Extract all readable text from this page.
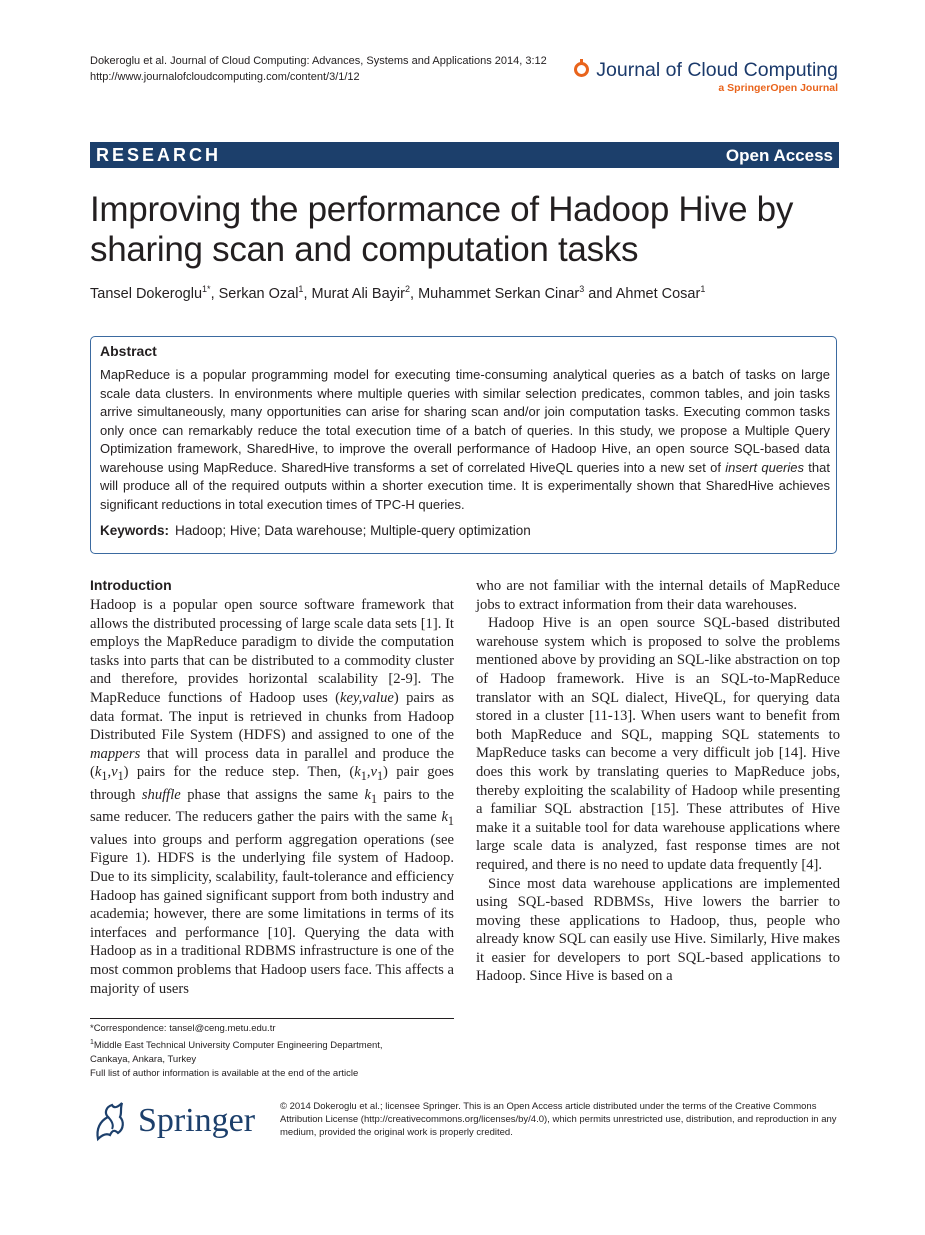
Dokeroglu et al. Journal of Cloud Computing: Advances, Systems and Applications 2014, 3:12
http://www.journalofcloudcomputing.com/content/3/1/12	Journal of Cloud Computing
a SpringerOpen Journal
RESEARCH	Open Access
Improving the performance of Hadoop Hive by sharing scan and computation tasks
Tansel Dokeroglu$^{1*}$, Serkan Ozal$^1$, Murat Ali Bayir$^2$, Muhammet Serkan Cinar$^3$ and Ahmet Cosar$^1$
Abstract
MapReduce is a popular programming model for executing time-consuming analytical queries as a batch of tasks on large scale data clusters. In environments where multiple queries with similar selection predicates, common tables, and join tasks arrive simultaneously, many opportunities can arise for sharing scan and/or join computation tasks. Executing common tasks only once can remarkably reduce the total execution time of a batch of queries. In this study, we propose a Multiple Query Optimization framework, SharedHive, to improve the overall performance of Hadoop Hive, an open source SQL-based data warehouse using MapReduce. SharedHive transforms a set of correlated HiveQL queries into a new set of insert queries that will produce all of the required outputs within a shorter execution time. It is experimentally shown that SharedHive achieves significant reductions in total execution times of TPC-H queries.
Keywords: Hadoop; Hive; Data warehouse; Multiple-query optimization
Introduction

Hadoop is a popular open source software framework that allows the distributed processing of large scale data sets [1]. It employs the MapReduce paradigm to divide the computation tasks into parts that can be distributed to a commodity cluster and therefore, provides horizontal scalability [2-9]. The MapReduce functions of Hadoop uses (key,value) pairs as data format. The input is retrieved in chunks from Hadoop Distributed File System (HDFS) and assigned to one of the mappers that will process data in parallel and produce the $(k_1,v_1)$ pairs for the reduce step. Then, $(k_1,v_1)$ pair goes through shuffle phase that assigns the same $k_1$ pairs to the same reducer. The reducers gather the pairs with the same $k_1$ values into groups and perform aggregation operations (see Figure 1). HDFS is the underlying file system of Hadoop. Due to its simplicity, scalability, fault-tolerance and efficiency Hadoop has gained significant support from both industry and academia; however, there are some limitations in terms of its interfaces and performance [10]. Querying the data with Hadoop as in a traditional RDBMS infrastructure is one of the most common problems that Hadoop users face. This affects a majority of users

who are not familiar with the internal details of MapReduce jobs to extract information from their data warehouses.

Hadoop Hive is an open source SQL-based distributed warehouse system which is proposed to solve the problems mentioned above by providing an SQL-like abstraction on top of Hadoop framework. Hive is an SQL-to-MapReduce translator with an SQL dialect, HiveQL, for querying data stored in a cluster [11-13]. When users want to benefit from both MapReduce and SQL, mapping SQL statements to MapReduce tasks can become a very difficult job [14]. Hive does this work by translating queries to MapReduce jobs, thereby exploiting the scalability of Hadoop while presenting a familiar SQL abstraction [15]. These attributes of Hive make it a suitable tool for data warehouse applications where large scale data is analyzed, fast response times are not required, and there is no need to update data frequently [4].

Since most data warehouse applications are implemented using SQL-based RDBMSs, Hive lowers the barrier to moving these applications to Hadoop, thus, people who already know SQL can easily use Hive. Similarly, Hive makes it easier for developers to port SQL-based applications to Hadoop. Since Hive is based on a

*Correspondence: tansel@ceng.metu.edu.tr
$^1$Middle East Technical University Computer Engineering Department,
Cankaya, Ankara, Turkey
Full list of author information is available at the end of the article
Springer	© 2014 Dokeroglu et al.; licensee Springer. This is an Open Access article distributed under the terms of the Creative Commons Attribution License (http://creativecommons.org/licenses/by/4.0), which permits unrestricted use, distribution, and reproduction in any medium, provided the original work is properly credited.
